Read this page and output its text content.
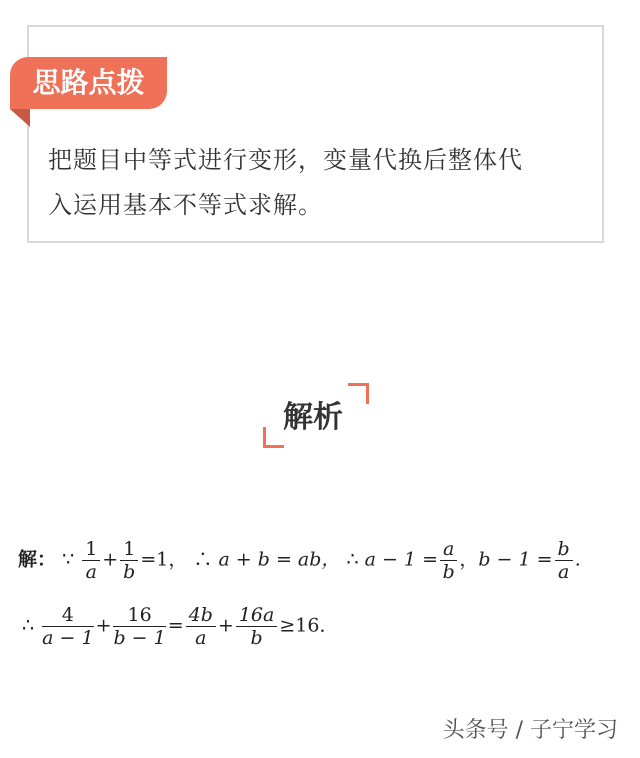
思路点拨
把题目中等式进行变形，变量代换后整体代
入运用基本不等式求解。
解析
解： ∵ $\frac{1}{a} + \frac{1}{b} =1$， ∴ a + b = ab， ∴ $a - 1 = \frac{a}{b}$ ，$b - 1 = \frac{b}{a}$ .
∴ $\frac{4}{a - 1} + \frac{16}{b - 1} = \frac{4b}{a} + \frac{16a}{b} \ge 16$．
头条号 / 子宁学习
